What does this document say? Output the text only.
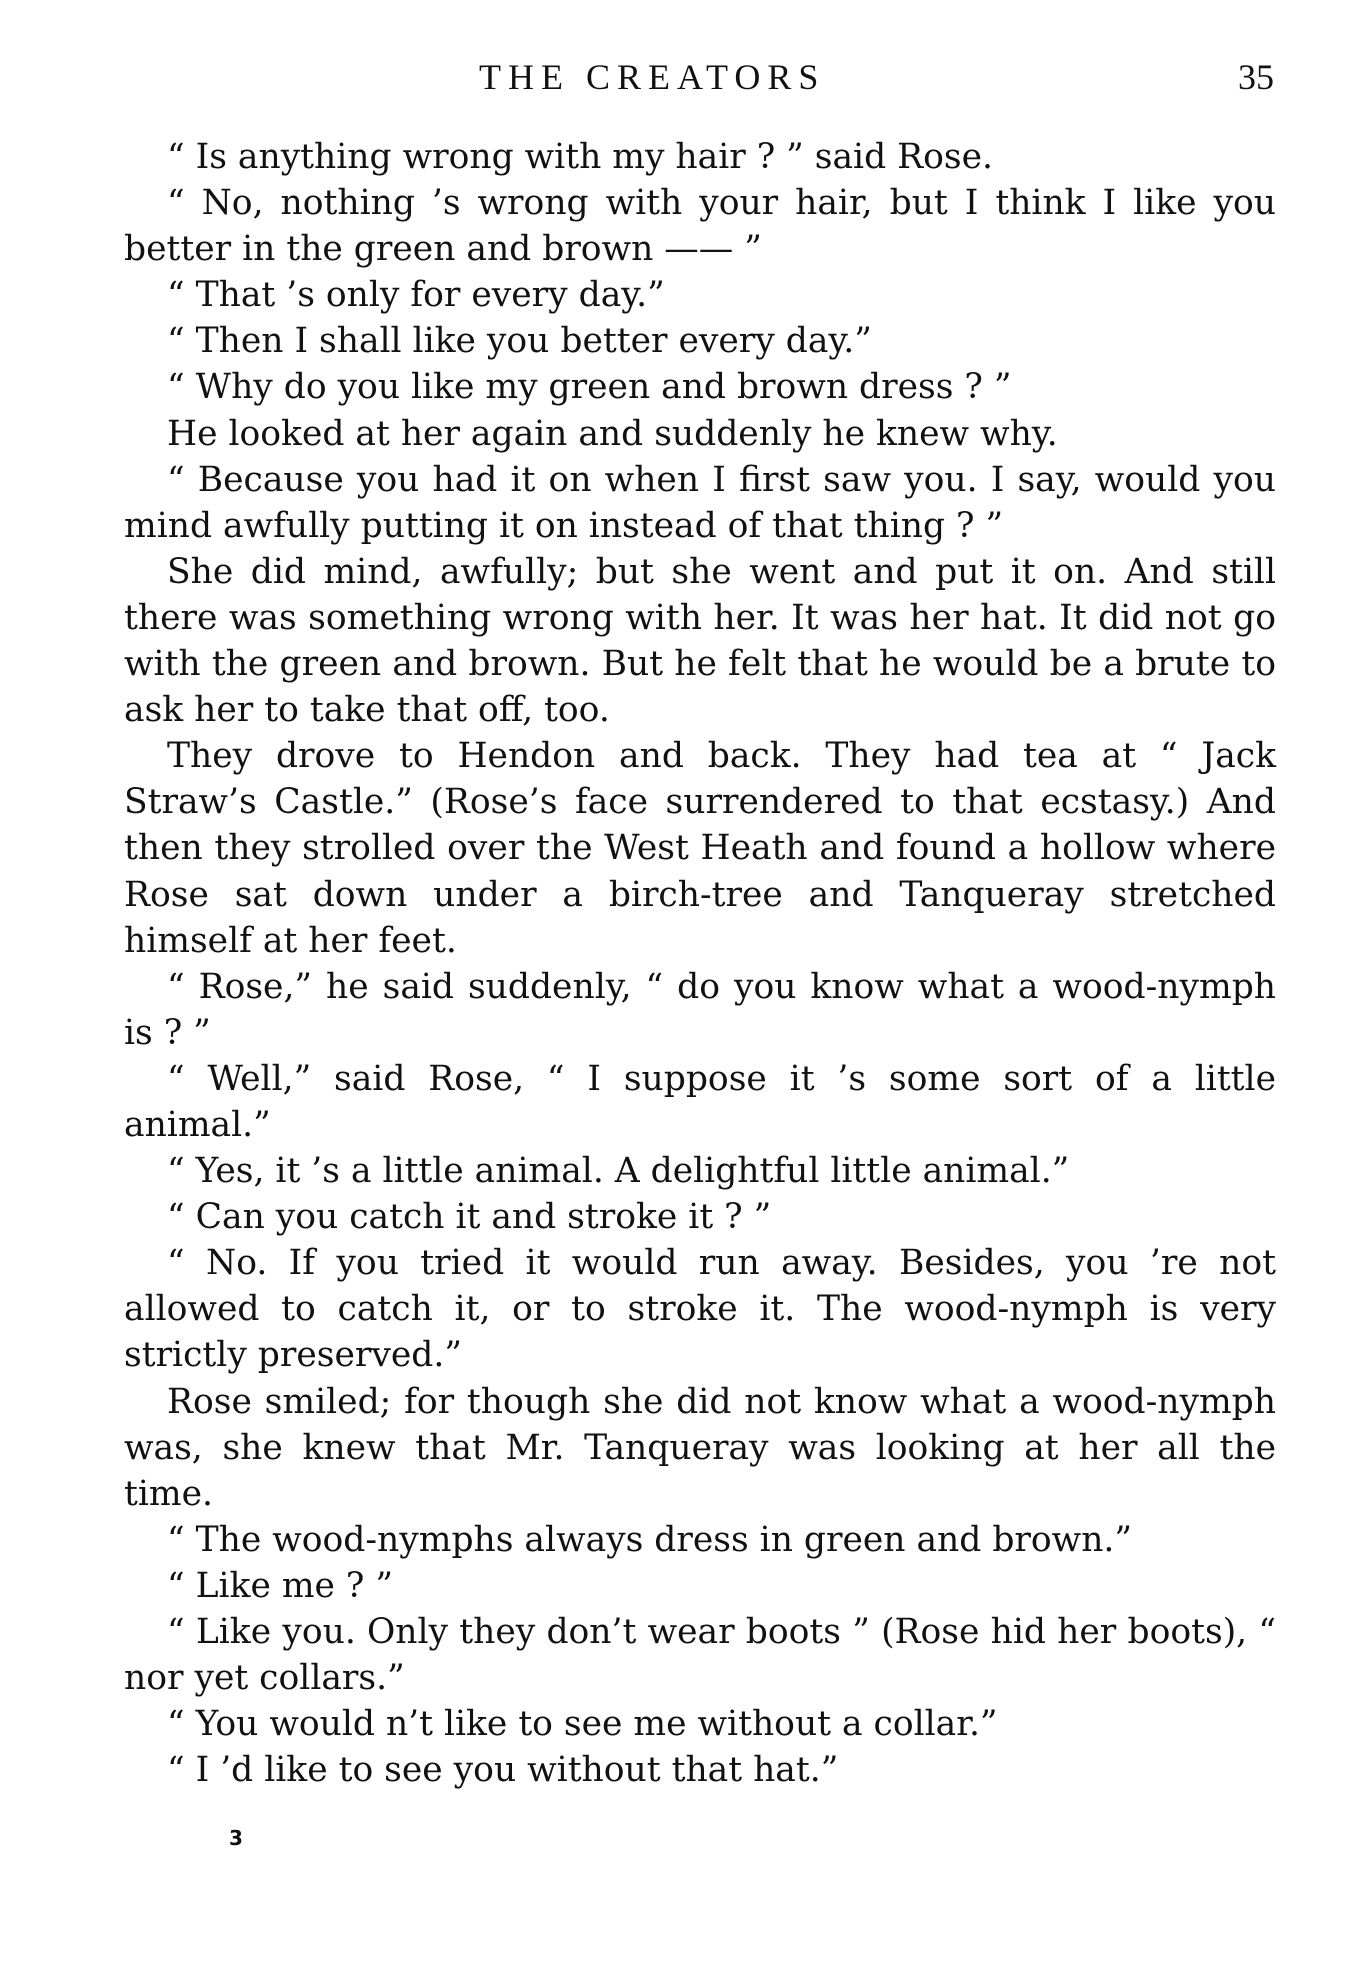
THE CREATORS	35

“ Is anything wrong with my hair ? ” said Rose.

“ No, nothing ’s wrong with your hair, but I think I like you better in the green and brown —— ”

“ That ’s only for every day.”

“ Then I shall like you better every day.”

“ Why do you like my green and brown dress ? ”

He looked at her again and suddenly he knew why.

“ Because you had it on when I first saw you. I say, would you mind awfully putting it on instead of that thing ? ”

She did mind, awfully; but she went and put it on. And still there was something wrong with her. It was her hat. It did not go with the green and brown. But he felt that he would be a brute to ask her to take that off, too.

They drove to Hendon and back. They had tea at “ Jack Straw’s Castle.” (Rose’s face surrendered to that ecstasy.) And then they strolled over the West Heath and found a hollow where Rose sat down under a birch-tree and Tanqueray stretched himself at her feet.

“ Rose,” he said suddenly, “ do you know what a wood-nymph is ? ”

“ Well,” said Rose, “ I suppose it ’s some sort of a little animal.”

“ Yes, it ’s a little animal. A delightful little animal.”

“ Can you catch it and stroke it ? ”

“ No. If you tried it would run away. Besides, you ’re not allowed to catch it, or to stroke it. The wood-nymph is very strictly preserved.”

Rose smiled; for though she did not know what a wood-nymph was, she knew that Mr. Tanqueray was looking at her all the time.

“ The wood-nymphs always dress in green and brown.”

“ Like me ? ”

“ Like you. Only they don’t wear boots ” (Rose hid her boots), “ nor yet collars.”

“ You would n’t like to see me without a collar.”

“ I ’d like to see you without that hat.”

3
